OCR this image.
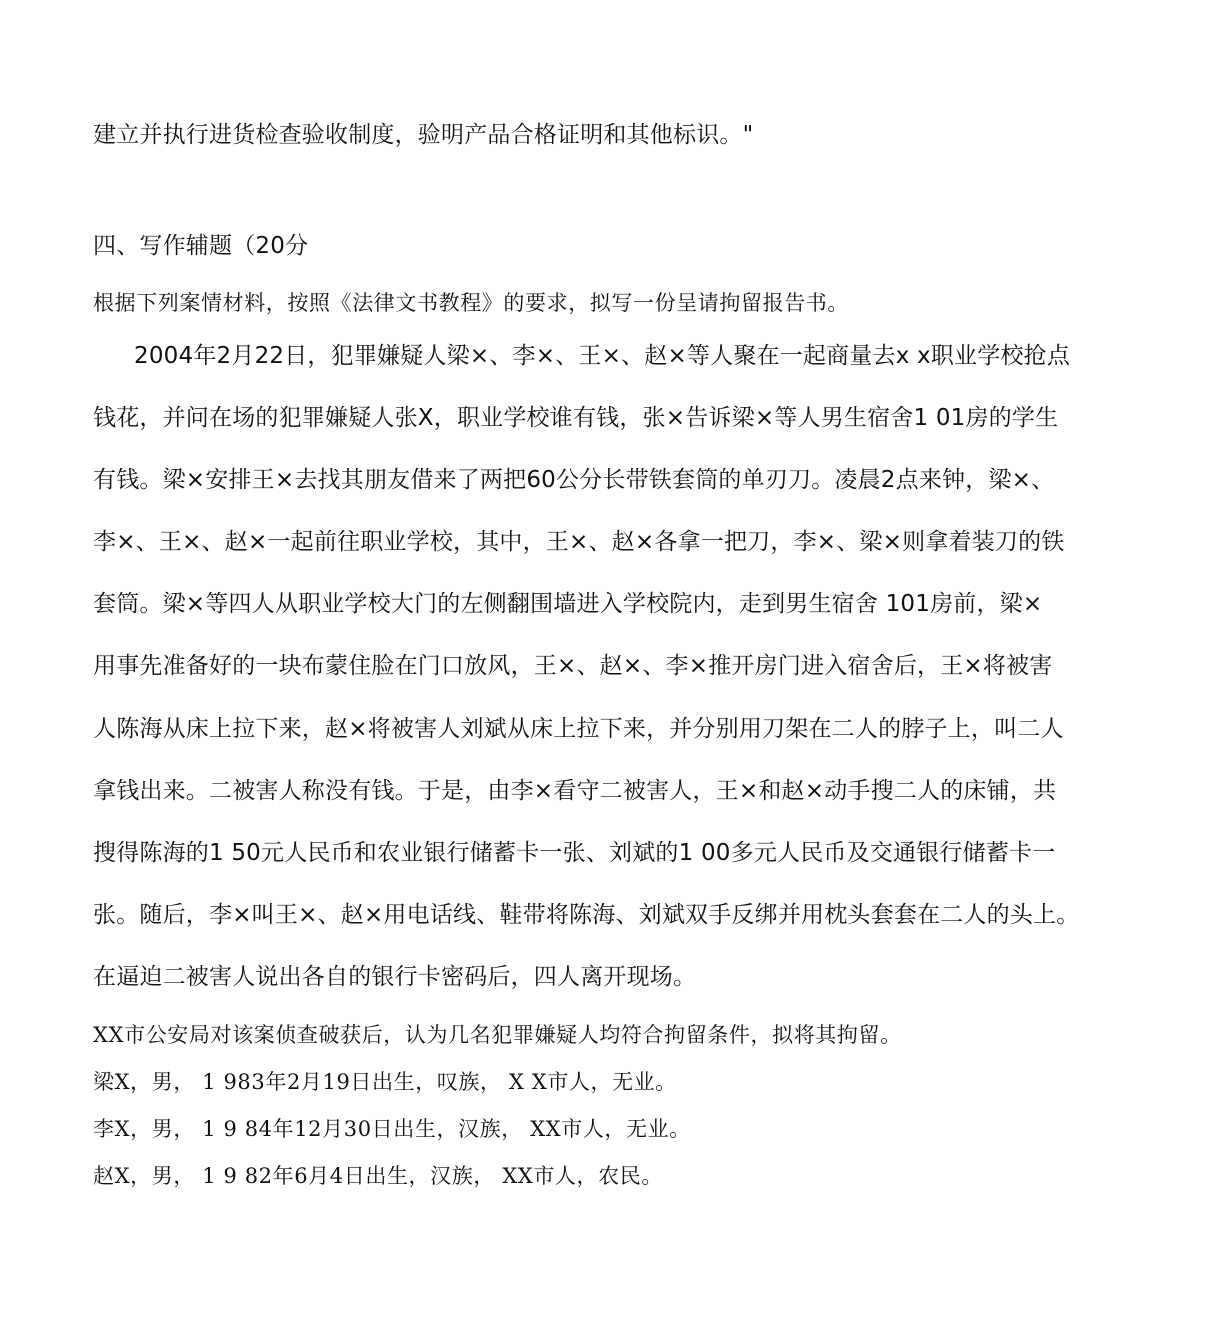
建立并执行进货检查验收制度，验明产品合格证明和其他标识。"
四、写作辅题（20分
根据下列案情材料，按照《法律文书教程》的要求，拟写一份呈请拘留报告书。
2004年2月22日，犯罪嫌疑人梁×、李×、王×、赵×等人聚在一起商量去x x职业学校抢点
钱花，并问在场的犯罪嫌疑人张X，职业学校谁有钱，张×告诉梁×等人男生宿舍1 01房的学生
有钱。梁×安排王×去找其朋友借来了两把60公分长带铁套筒的单刃刀。凌晨2点来钟，梁×、
李×、王×、赵×一起前往职业学校，其中，王×、赵×各拿一把刀，李×、梁×则拿着装刀的铁
套筒。梁×等四人从职业学校大门的左侧翻围墙进入学校院内，走到男生宿舍 101房前，梁×
用事先准备好的一块布蒙住脸在门口放风，王×、赵×、李×推开房门进入宿舍后，王×将被害
人陈海从床上拉下来，赵×将被害人刘斌从床上拉下来，并分别用刀架在二人的脖子上，叫二人
拿钱出来。二被害人称没有钱。于是，由李×看守二被害人，王×和赵×动手搜二人的床铺，共
搜得陈海的1 50元人民币和农业银行储蓄卡一张、刘斌的1 00多元人民币及交通银行储蓄卡一
张。随后，李×叫王×、赵×用电话线、鞋带将陈海、刘斌双手反绑并用枕头套套在二人的头上。
在逼迫二被害人说出各自的银行卡密码后，四人离开现场。
XX市公安局对该案侦查破获后，认为几名犯罪嫌疑人均符合拘留条件，拟将其拘留。
梁X，男， 1 983年2月19日出生，叹族， X X市人，无业。
李X，男， 1 9 84年12月30日出生，汉族， XX市人，无业。
赵X，男， 1 9 82年6月4日出生，汉族， XX市人，农民。
